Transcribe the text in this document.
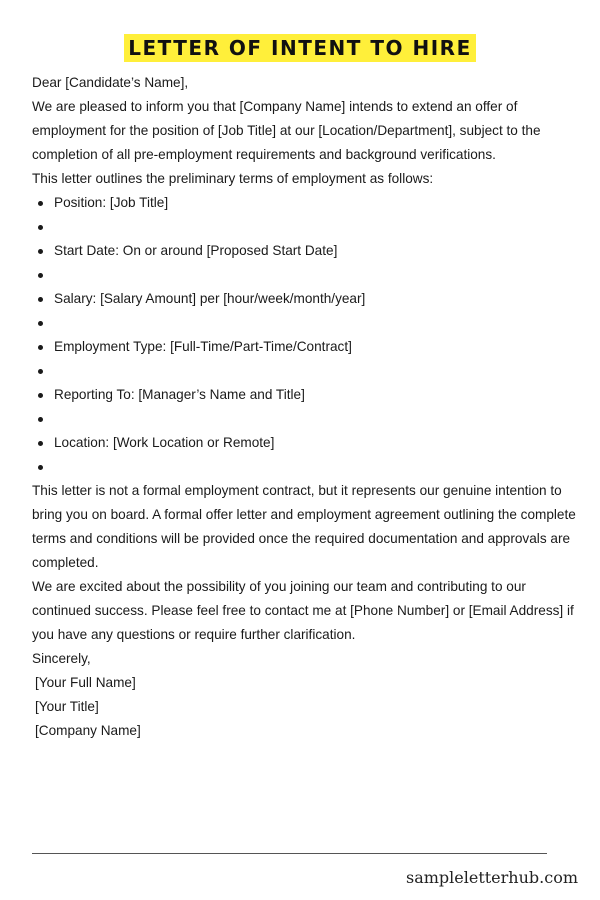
LETTER OF INTENT TO HIRE

Dear [Candidate’s Name],

We are pleased to inform you that [Company Name] intends to extend an offer of employment for the position of [Job Title] at our [Location/Department], subject to the completion of all pre-employment requirements and background verifications.

This letter outlines the preliminary terms of employment as follows:

Position: [Job Title]
Start Date: On or around [Proposed Start Date]
Salary: [Salary Amount] per [hour/week/month/year]
Employment Type: [Full-Time/Part-Time/Contract]
Reporting To: [Manager’s Name and Title]
Location: [Work Location or Remote]

This letter is not a formal employment contract, but it represents our genuine intention to bring you on board. A formal offer letter and employment agreement outlining the complete terms and conditions will be provided once the required documentation and approvals are completed.

We are excited about the possibility of you joining our team and contributing to our continued success. Please feel free to contact me at [Phone Number] or [Email Address] if you have any questions or require further clarification.

Sincerely,

[Your Full Name]

[Your Title]

[Company Name]

sampleletterhub.com
